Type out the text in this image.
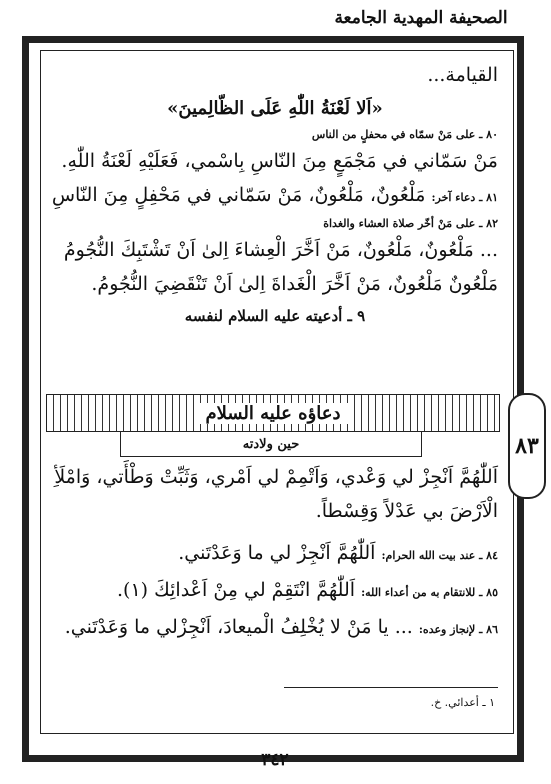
الصحيفة المهدية الجامعة
٨٣
القيامة...
«اَلا لَعْنَةُ اللّٰهِ عَلَى الظّالِمينَ»
٨٠ ـ على مَنْ سمّاه في محفلٍ من الناس
مَنْ سَمّاني في مَجْمَعٍ مِنَ النّاسِ بِاسْمي، فَعَلَيْهِ لَعْنَةُ اللّٰهِ.
٨١ ـ دعاء آخر: مَلْعُونٌ، مَلْعُونٌ، مَنْ سَمّاني في مَحْفِلٍ مِنَ النّاسِ
٨٢ ـ على مَنْ أخّر صلاة العشاء والغداة
... مَلْعُونٌ، مَلْعُونٌ، مَنْ اَخَّرَ الْعِشاءَ اِلىٰ اَنْ تَشْتَبِكَ النُّجُومُ
مَلْعُونٌ مَلْعُونٌ، مَنْ اَخَّرَ الْغَداةَ اِلىٰ اَنْ تَنْقَضِيَ النُّجُومُ.
٩ ـ أدعيته عليه السلام لنفسه
دعاؤه عليه السلام
حين ولادته
اَللّٰهُمَّ اَنْجِزْ لي وَعْدي، وَاَتْمِمْ لي اَمْري، وَثَبِّتْ وَطْأَتي، وَامْلَأِ
الْاَرْضَ بي عَدْلاً وَقِسْطاً.
٨٤ ـ عند بيت الله الحرام: اَللّٰهُمَّ اَنْجِزْ لي ما وَعَدْتَني.
٨٥ ـ للانتقام به من أعداء الله: اَللّٰهُمَّ انْتَقِمْ لي مِنْ اَعْدائِكَ (١).
٨٦ ـ لإنجاز وعده: ... يا مَنْ لا يُخْلِفُ الْميعادَ، اَنْجِزْلي ما وَعَدْتَني.
١ ـ أعدائي. خ.
٣٤٢
